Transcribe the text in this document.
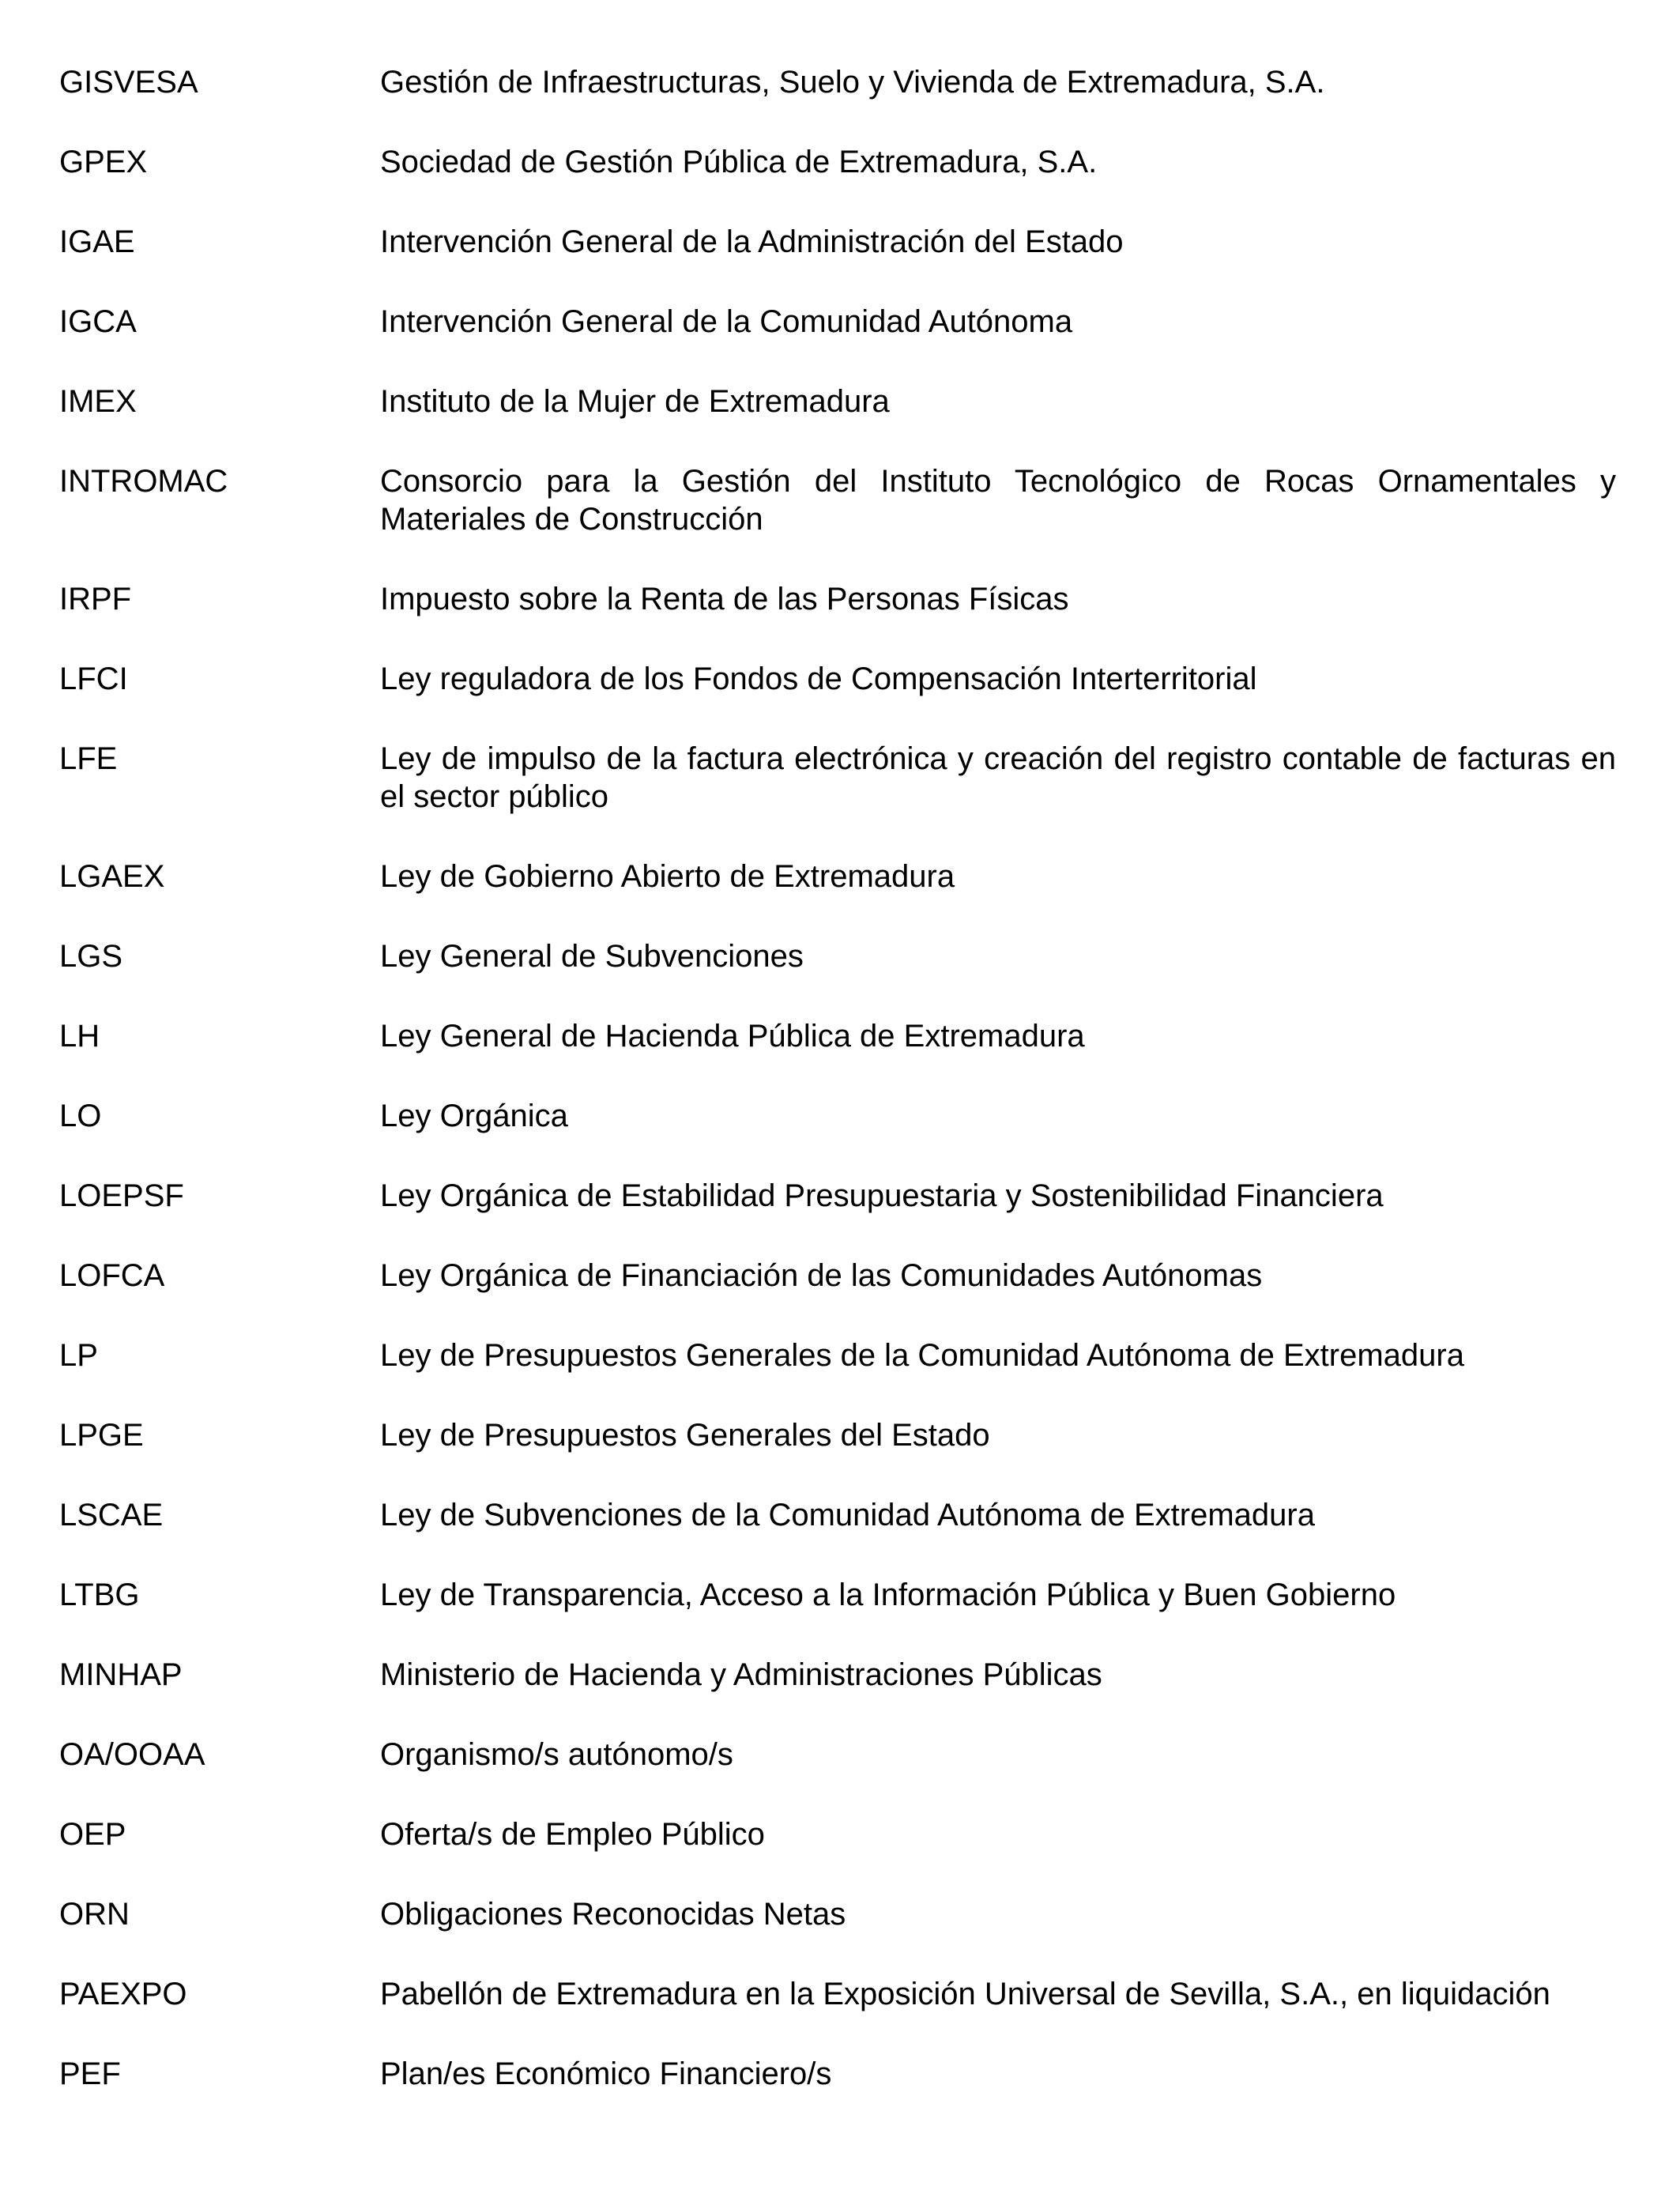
GISVESA	Gestión de Infraestructuras, Suelo y Vivienda de Extremadura, S.A.
GPEX	Sociedad de Gestión Pública de Extremadura, S.A.
IGAE	Intervención General de la Administración del Estado
IGCA	Intervención General de la Comunidad Autónoma
IMEX	Instituto de la Mujer de Extremadura
INTROMAC	Consorcio para la Gestión del Instituto Tecnológico de Rocas Ornamentales y Materiales de Construcción
IRPF	Impuesto sobre la Renta de las Personas Físicas
LFCI	Ley reguladora de los Fondos de Compensación Interterritorial
LFE	Ley de impulso de la factura electrónica y creación del registro contable de facturas en el sector público
LGAEX	Ley de Gobierno Abierto de Extremadura
LGS	Ley General de Subvenciones
LH	Ley General de Hacienda Pública de Extremadura
LO	Ley Orgánica
LOEPSF	Ley Orgánica de Estabilidad Presupuestaria y Sostenibilidad Financiera
LOFCA	Ley Orgánica de Financiación de las Comunidades Autónomas
LP	Ley de Presupuestos Generales de la Comunidad Autónoma de Extremadura
LPGE	Ley de Presupuestos Generales del Estado
LSCAE	Ley de Subvenciones de la Comunidad Autónoma de Extremadura
LTBG	Ley de Transparencia, Acceso a la Información Pública y Buen Gobierno
MINHAP	Ministerio de Hacienda y Administraciones Públicas
OA/OOAA	Organismo/s autónomo/s
OEP	Oferta/s de Empleo Público
ORN	Obligaciones Reconocidas Netas
PAEXPO	Pabellón de Extremadura en la Exposición Universal de Sevilla, S.A., en liquidación
PEF	Plan/es Económico Financiero/s
